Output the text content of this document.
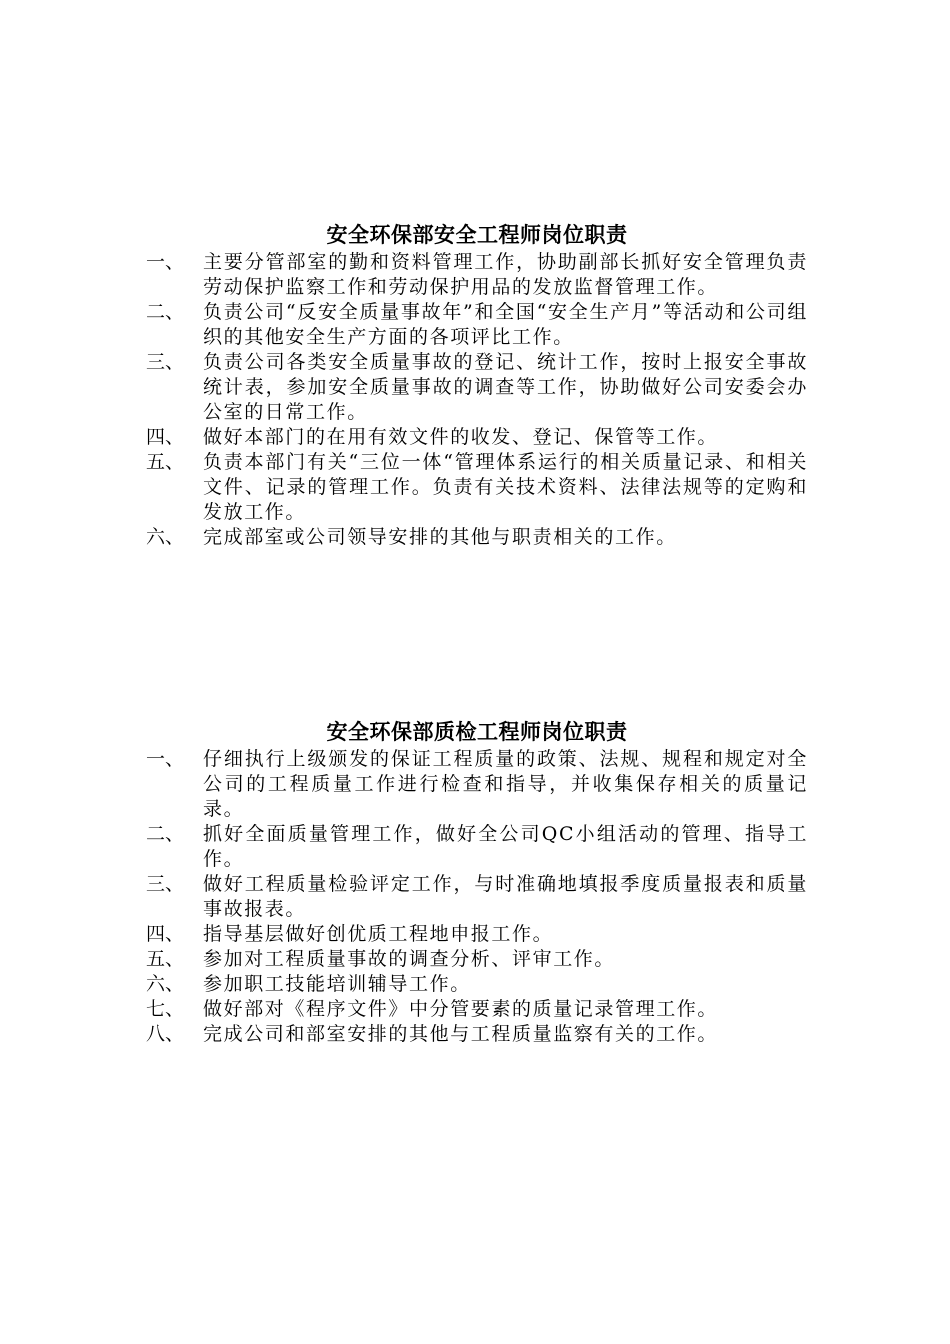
安全环保部安全工程师岗位职责
一、 主要分管部室的勤和资料管理工作，协助副部长抓好安全管理负责劳动保护监察工作和劳动保护用品的发放监督管理工作。
二、 负责公司“反安全质量事故年”和全国“安全生产月”等活动和公司组织的其他安全生产方面的各项评比工作。
三、 负责公司各类安全质量事故的登记、统计工作，按时上报安全事故统计表，参加安全质量事故的调查等工作，协助做好公司安委会办公室的日常工作。
四、 做好本部门的在用有效文件的收发、登记、保管等工作。
五、 负责本部门有关“三位一体“管理体系运行的相关质量记录、和相关文件、记录的管理工作。负责有关技术资料、法律法规等的定购和发放工作。
六、 完成部室或公司领导安排的其他与职责相关的工作。
安全环保部质检工程师岗位职责
一、 仔细执行上级颁发的保证工程质量的政策、法规、规程和规定对全公司的工程质量工作进行检查和指导，并收集保存相关的质量记录。
二、 抓好全面质量管理工作，做好全公司QC小组活动的管理、指导工作。
三、 做好工程质量检验评定工作，与时准确地填报季度质量报表和质量事故报表。
四、 指导基层做好创优质工程地申报工作。
五、 参加对工程质量事故的调查分析、评审工作。
六、 参加职工技能培训辅导工作。
七、 做好部对《程序文件》中分管要素的质量记录管理工作。
八、 完成公司和部室安排的其他与工程质量监察有关的工作。
